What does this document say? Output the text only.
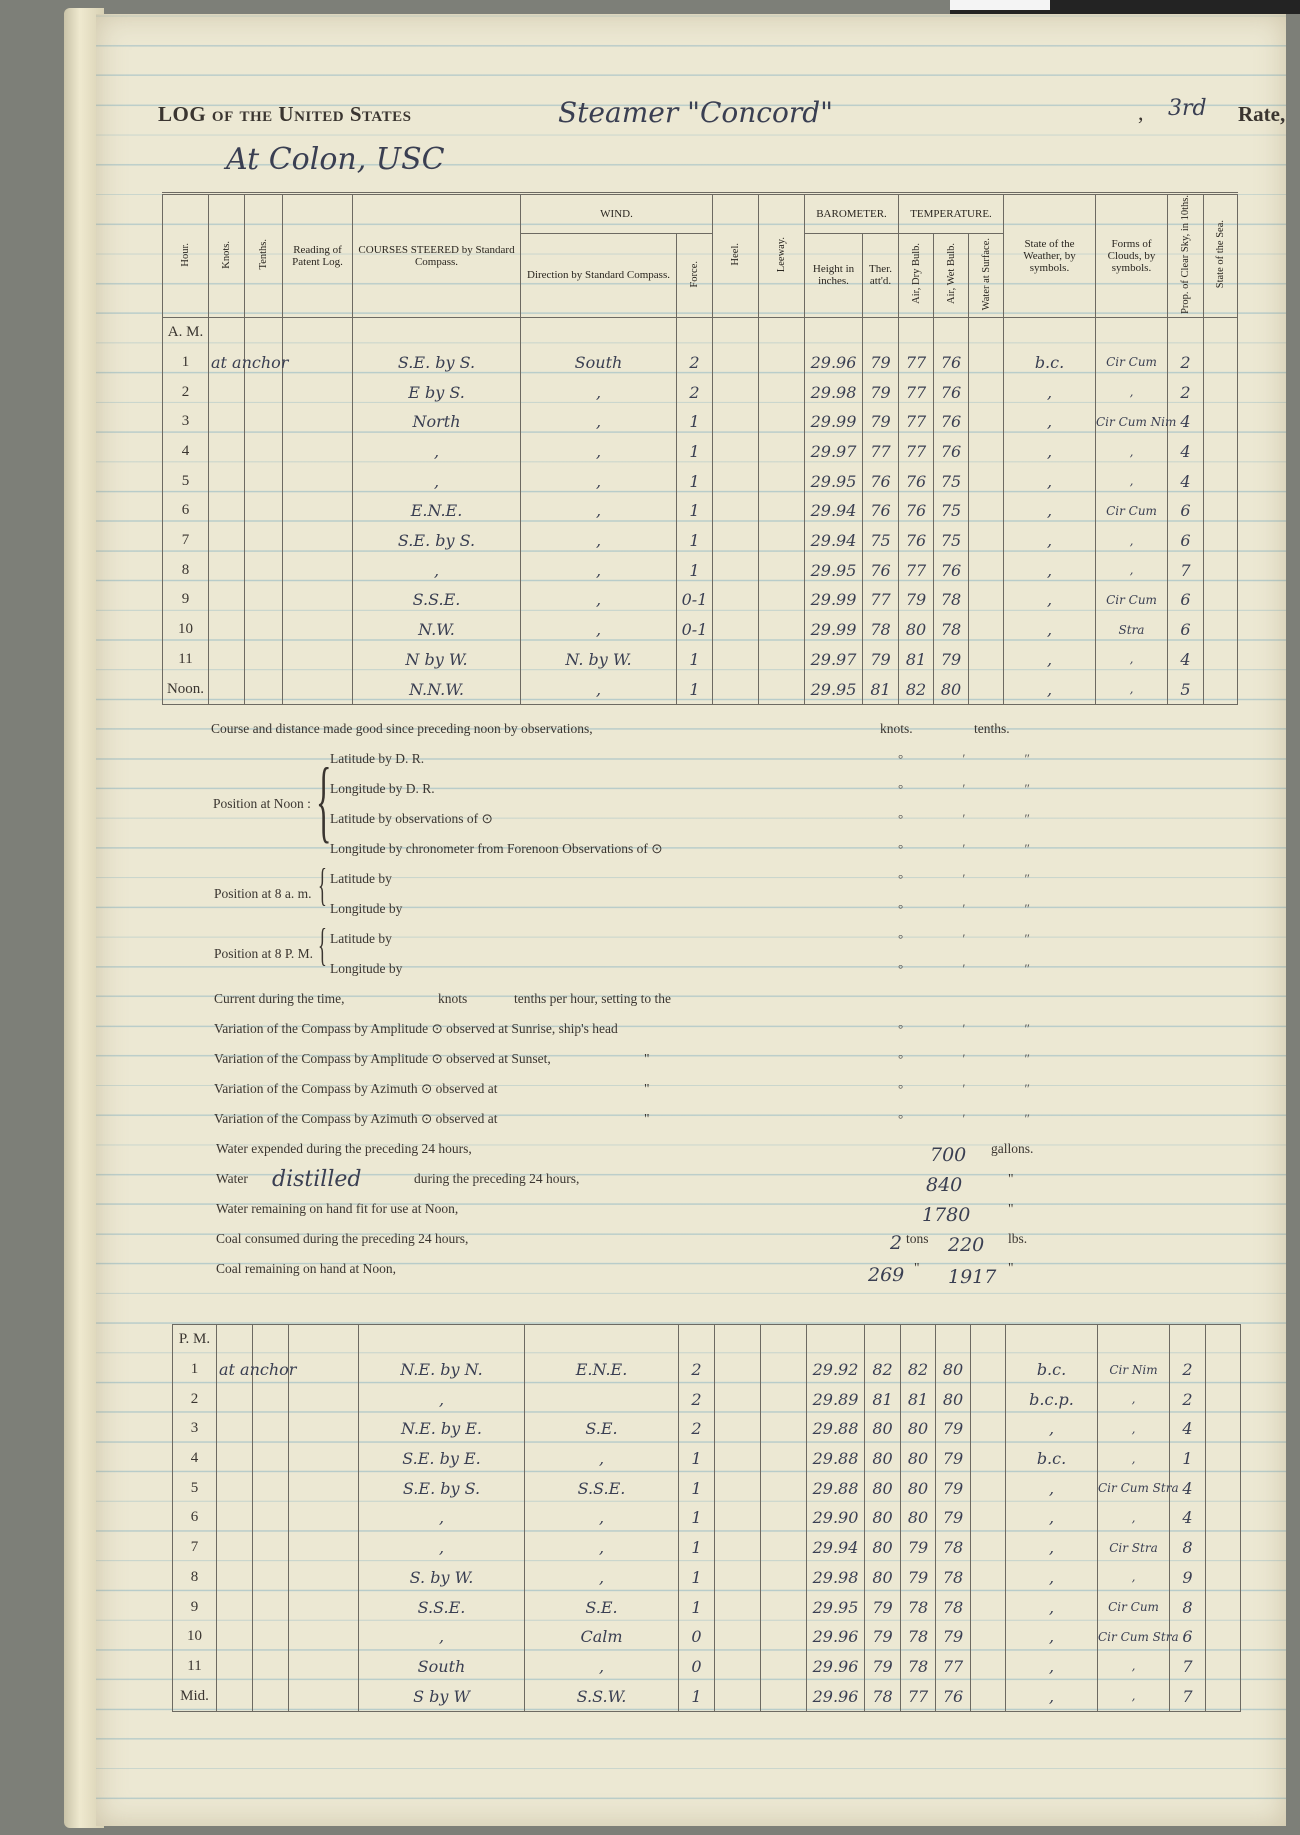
LOG of the United States	Steamer "Concord"	, 3rd Rate,
At Colon, USC
Hour.	Knots.	Tenths.	Reading of Patent Log.	COURSES STEERED by Standard Compass.	WIND.		Heel.	Leeway.	BAROMETER.		TEMPERATURE.			State of the Weather, by symbols.	Forms of Clouds, by symbols.	Prop. of Clear Sky, in 10ths.	State of the Sea.
					Direction by Standard Compass.	Force.			Height in inches.	Ther. att'd.	Air, Dry Bulb.	Air, Wet Bulb.	Water at Surface.				
A. M.																	
1	at anchor			S.E. by S.	South	2			29.96	79	77	76		b.c.	Cir Cum	2	
2				E by S.	,	2			29.98	79	77	76		,	,	2	
3				North	,	1			29.99	79	77	76		,	Cir Cum Nim	4	
4				,	,	1			29.97	77	77	76		,	,	4	
5				,	,	1			29.95	76	76	75		,	,	4	
6				E.N.E.	,	1			29.94	76	76	75		,	Cir Cum	6	
7				S.E. by S.	,	1			29.94	75	76	75		,	,	6	
8				,	,	1			29.95	76	77	76		,	,	7	
9				S.S.E.	,	0-1			29.99	77	79	78		,	Cir Cum	6	
10				N.W.	,	0-1			29.99	78	80	78		,	Stra	6	
11				N by W.	N. by W.	1			29.97	79	81	79		,	,	4	
Noon.				N.N.W.	,	1			29.95	81	82	80		,	,	5	
Course and distance made good since preceding noon by observations,	knots.	tenths.
Position at Noon : {
Latitude by D. R.
Longitude by D. R.
Latitude by observations of ⊙
Longitude by chronometer from Forenoon Observations of ⊙
Position at 8 a. m. { Latitude by
Longitude by
Position at 8 P. M. { Latitude by
Longitude by
Current during the time,	knots	tenths per hour, setting to the
Variation of the Compass by Amplitude ⊙ observed at Sunrise, ship's head
Variation of the Compass by Amplitude ⊙ observed at Sunset,	"
Variation of the Compass by Azimuth ⊙ observed at	"
Variation of the Compass by Azimuth ⊙ observed at	"
° ′ ″
° ′ ″
° ′ ″
° ′ ″
° ′ ″
° ′ ″
° ′ ″
° ′ ″
° ′ ″
° ′ ″
° ′ ″
° ′ ″
Water expended during the preceding 24 hours,	700 gallons.
Water distilled	during the preceding 24 hours,	840	"
Water remaining on hand fit for use at Noon,	1780	"
Coal consumed during the preceding 24 hours,	2 tons 220 lbs.
Coal remaining on hand at Noon,	269 " 1917 "
P. M.																	
1	at anchor			N.E. by N.	E.N.E.	2			29.92	82	82	80		b.c.	Cir Nim	2	
2				,		2			29.89	81	81	80		b.c.p.	,	2	
3				N.E. by E.	S.E.	2			29.88	80	80	79		,	,	4	
4				S.E. by E.	,	1			29.88	80	80	79		b.c.	,	1	
5				S.E. by S.	S.S.E.	1			29.88	80	80	79		,	Cir Cum Stra	4	
6				,	,	1			29.90	80	80	79		,	,	4	
7				,	,	1			29.94	80	79	78		,	Cir Stra	8	
8				S. by W.	,	1			29.98	80	79	78		,	,	9	
9				S.S.E.	S.E.	1			29.95	79	78	78		,	Cir Cum	8	
10				,	Calm	0			29.96	79	78	79		,	Cir Cum Stra	6	
11				South	,	0			29.96	79	78	77		,	,	7	
Mid.				S by W	S.S.W.	1			29.96	78	77	76		,	,	7	
